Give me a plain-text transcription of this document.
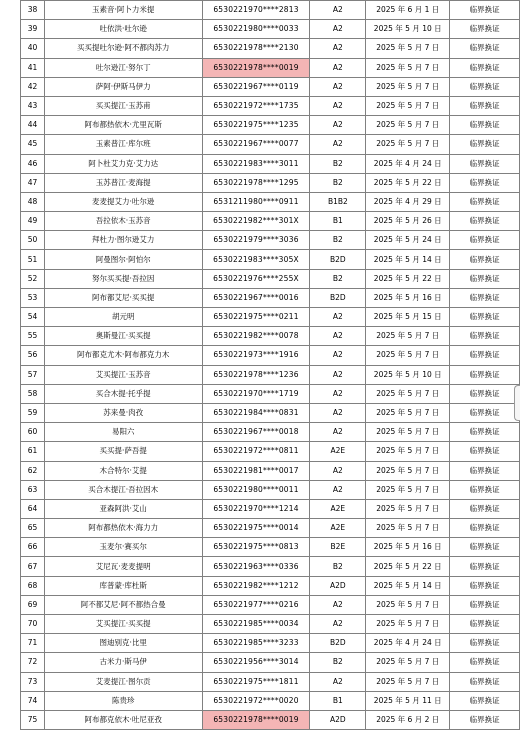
38	玉素音·阿卜力米提	6530221970****2813	A2	2025 年 6 月 1 日	临界换证
39	吐依洪·吐尔逊	6530221980****0033	A2	2025 年 5 月 10 日	临界换证
40	买买提吐尔逊·阿不都肉苏力	6530221978****2130	A2	2025 年 5 月 7 日	临界换证
41	吐尔逊江·努尔丁	6530221978****0019	A2	2025 年 5 月 7 日	临界换证
42	萨阿·伊斯马伊力	6530221967****0119	A2	2025 年 5 月 7 日	临界换证
43	买买提江·玉苏甫	6530221972****1735	A2	2025 年 5 月 7 日	临界换证
44	阿布都热依木·尤里瓦斯	6530221975****1235	A2	2025 年 5 月 7 日	临界换证
45	玉素普江·库尔班	6530221967****0077	A2	2025 年 5 月 7 日	临界换证
46	阿卜杜艾力克·艾力达	6530221983****3011	B2	2025 年 4 月 24 日	临界换证
47	玉苏普江·麦海提	6530221978****1295	B2	2025 年 5 月 22 日	临界换证
48	麦麦提艾力·吐尔逊	6531211980****0911	B1B2	2025 年 4 月 29 日	临界换证
49	吾拉依木·玉苏音	6530221982****301X	B1	2025 年 5 月 26 日	临界换证
50	拜杜力·图尔逊艾力	6530221979****3036	B2	2025 年 5 月 24 日	临界换证
51	阿曼图尔·阿怕尔	6530221983****305X	B2D	2025 年 5 月 14 日	临界换证
52	努尔买买提·吾拉因	6530221976****255X	B2	2025 年 5 月 22 日	临界换证
53	阿布都艾尼·买买提	6530221967****0016	B2D	2025 年 5 月 16 日	临界换证
54	胡元明	6530221975****0211	A2	2025 年 5 月 15 日	临界换证
55	奥斯曼江·买买提	6530221982****0078	A2	2025 年 5 月 7 日	临界换证
56	阿布都克尤木·阿布都克力木	6530221973****1916	A2	2025 年 5 月 7 日	临界换证
57	艾买提江·玉苏音	6530221978****1236	A2	2025 年 5 月 10 日	临界换证
58	买合木提·托乎提	6530221970****1719	A2	2025 年 5 月 7 日	临界换证
59	苏来曼·肉孜	6530221984****0831	A2	2025 年 5 月 7 日	临界换证
60	易阳六	6530221967****0018	A2	2025 年 5 月 7 日	临界换证
61	买买提·萨吾提	6530221972****0811	A2E	2025 年 5 月 7 日	临界换证
62	木合特尔·艾提	6530221981****0017	A2	2025 年 5 月 7 日	临界换证
63	买合木提江·吾拉因木	6530221980****0011	A2	2025 年 5 月 7 日	临界换证
64	亚森阿洪·艾山	6530221970****1214	A2E	2025 年 5 月 7 日	临界换证
65	阿布都热依木·海力力	6530221975****0014	A2E	2025 年 5 月 7 日	临界换证
66	玉麦尔·赛买尔	6530221975****0813	B2E	2025 年 5 月 16 日	临界换证
67	艾尼瓦·麦麦提明	6530221963****0336	B2	2025 年 5 月 22 日	临界换证
68	库普蒙·库杜斯	6530221982****1212	A2D	2025 年 5 月 14 日	临界换证
69	阿不都艾尼·阿不都热合曼	6530221977****0216	A2	2025 年 5 月 7 日	临界换证
70	艾买提江·买买提	6530221985****0034	A2	2025 年 5 月 7 日	临界换证
71	图迪别克·比里	6530221985****3233	B2D	2025 年 4 月 24 日	临界换证
72	古米力·斯马伊	6530221956****3014	B2	2025 年 5 月 7 日	临界换证
73	艾麦提江·图尔贡	6530221975****1811	A2	2025 年 5 月 7 日	临界换证
74	陈贵珍	6530221972****0020	B1	2025 年 5 月 11 日	临界换证
75	阿布都克依木·吐尼亚孜	6530221978****0019	A2D	2025 年 6 月 2 日	临界换证
